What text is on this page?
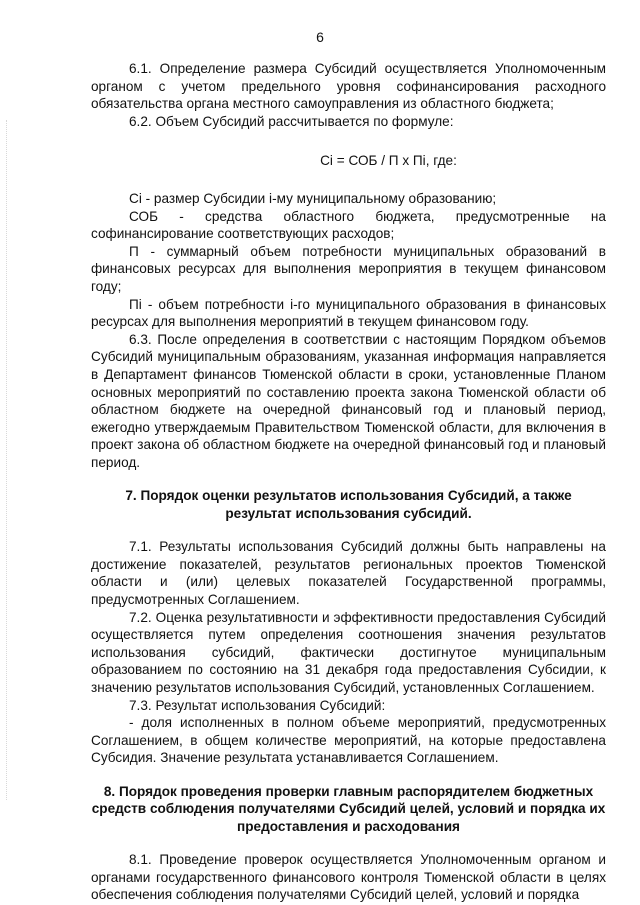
6

6.1. Определение размера Субсидий осуществляется Уполномоченным органом с учетом предельного уровня софинансирования расходного обязательства органа местного самоуправления из областного бюджета;

6.2. Объем Субсидий рассчитывается по формуле:

Ci = СОБ / П x Пi, где:

Ci - размер Субсидии i-му муниципальному образованию;

СОБ - средства областного бюджета, предусмотренные на софинансирование соответствующих расходов;

П - суммарный объем потребности муниципальных образований в финансовых ресурсах для выполнения мероприятия в текущем финансовом году;

Пi - объем потребности i-го муниципального образования в финансовых ресурсах для выполнения мероприятий в текущем финансовом году.

6.3. После определения в соответствии с настоящим Порядком объемов Субсидий муниципальным образованиям, указанная информация направляется в Департамент финансов Тюменской области в сроки, установленные Планом основных мероприятий по составлению проекта закона Тюменской области об областном бюджете на очередной финансовый год и плановый период, ежегодно утверждаемым Правительством Тюменской области, для включения в проект закона об областном бюджете на очередной финансовый год и плановый период.

7. Порядок оценки результатов использования Субсидий, а также результат использования субсидий.

7.1. Результаты использования Субсидий должны быть направлены на достижение показателей, результатов региональных проектов Тюменской области и (или) целевых показателей Государственной программы, предусмотренных Соглашением.

7.2. Оценка результативности и эффективности предоставления Субсидий осуществляется путем определения соотношения значения результатов использования субсидий, фактически достигнутое муниципальным образованием по состоянию на 31 декабря года предоставления Субсидии, к значению результатов использования Субсидий, установленных Соглашением.

7.3. Результат использования Субсидий:

- доля исполненных в полном объеме мероприятий, предусмотренных Соглашением, в общем количестве мероприятий, на которые предоставлена Субсидия. Значение результата устанавливается Соглашением.

8. Порядок проведения проверки главным распорядителем бюджетных средств соблюдения получателями Субсидий целей, условий и порядка их предоставления и расходования

8.1. Проведение проверок осуществляется Уполномоченным органом и органами государственного финансового контроля Тюменской области в целях обеспечения соблюдения получателями Субсидий целей, условий и порядка
